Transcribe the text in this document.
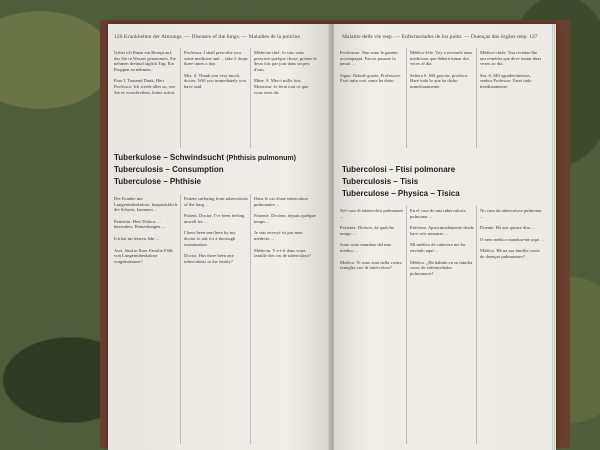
126 Krankheiten der Atmungs. — Diseases of the lungs. — Maladies de la poitrine

Gebet ich Ihnen ein Rezept auf, das Sie in Wasser genommen. Sie nehmen dreimal täglich Tag. Ein Proppen zu nehmen.

Frau I. Tausend Dank, Herr Professor. Ich werde alles so, wie Sie es vorschreiben, lieber sofort.

Professor. I shall prescribe you some medicine and ... take 2 drops three times a day.

Mrs. S. Thank you very much, doctor. Will you immediately you have said.

Médecin-chef. Je vais vous prescrire quelque chose; prenez-le deux fois par jour dans un peu d'eau.

Mme. S. Merci mille fois, Monsieur. Je ferai tout ce que vous avez dit.

Tuberkulose – Schwindsucht (Phthisis pulmonum)
Tuberculosis – Consumption
Tuberculose – Phthisie

Der Kranke mit Lungentuberkulose, hauptsächlich die Schwer, kommen ...

Patientin. Herr Doktor, ... besonders. Bemerkungen ...

Ich hat im letzten Jahr ...

Arzt. Sind in Ihrer Familie Fälle von Lungentuberkulose vorgekommen?

Patient suffering from tuberculosis of the lung ...

Patient. Doctor, I've been feeling unwell for ...

I have been sent here by my doctor to ask for a thorough examination.

Doctor. Has there been any tuberculosis in the family?

Dans le cas d'une tuberculose pulmonaire ...

Patiente. Docteur, depuis quelque temps ...

Je suis envoyé ici par mon médecin ...

Médecin. Y a-t-il dans votre famille des cas de tuberculose?

Malattie delle vie resp. — Enfermedades de los pulm. — Doenças dos órgãos resp. 127

Professore. Non sono le gambe; accompagni. Faccia passare la paura ...

Signa. Debole grazie, Professore. Farò tutto così come ha detto.

Médico-Jefe. Voy a recetarle unas medicinas que deberá tomar dos veces al día.

Señora S. Mil gracias, profesor. Haré todo lo que ha dicho inmediatamente.

Médico-chefe. Vou receitar-lhe um remédio que deve tomar duas vezes ao dia.

Sra. S. Mil agradecimentos, senhor Professor. Farei tudo imediatamente.

Tubercolosi – Ftisi polmonare
Tuberculosis – Tisis
Tuberculose – Physica – Tísica

Nel caso di tubercolosi polmonare ...

Paziente. Dottore, da qualche tempo ...

Sono stato mandato dal mio medico ...

Medico. Vi sono stati nella vostra famiglia casi di tubercolosi?

En el caso de una tuberculosis pulmonar ...

Enferma. Aproximadamente desde hace seis semanas ...

Mi médico de cabecera me ha enviado aquí ...

Médico. ¿Ha habido en su familia casos de enfermedades pulmonares?

No caso da tuberculose pulmonar ...

Doente. Há uns quinze dias ...

O meu médico mandou-me aqui ...

Médico. Há na sua família casos de doenças pulmonares?
